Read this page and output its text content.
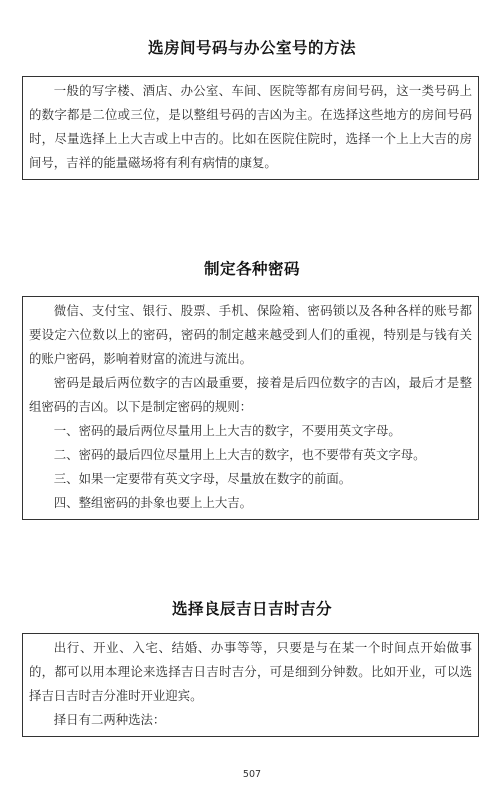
选房间号码与办公室号的方法

一般的写字楼、酒店、办公室、车间、医院等都有房间号码，这一类号码上的数字都是二位或三位，是以整组号码的吉凶为主。在选择这些地方的房间号码时，尽量选择上上大吉或上中吉的。比如在医院住院时，选择一个上上大吉的房间号，吉祥的能量磁场将有利有病情的康复。

制定各种密码

微信、支付宝、银行、股票、手机、保险箱、密码锁以及各种各样的账号都要设定六位数以上的密码，密码的制定越来越受到人们的重视，特别是与钱有关的账户密码，影响着财富的流进与流出。

密码是最后两位数字的吉凶最重要，接着是后四位数字的吉凶，最后才是整组密码的吉凶。以下是制定密码的规则：

一、密码的最后两位尽量用上上大吉的数字，不要用英文字母。

二、密码的最后四位尽量用上上大吉的数字，也不要带有英文字母。

三、如果一定要带有英文字母，尽量放在数字的前面。

四、整组密码的卦象也要上上大吉。

选择良辰吉日吉时吉分

出行、开业、入宅、结婚、办事等等，只要是与在某一个时间点开始做事的，都可以用本理论来选择吉日吉时吉分，可是细到分钟数。比如开业，可以选择吉日吉时吉分准时开业迎宾。

择日有二两种选法：

507
